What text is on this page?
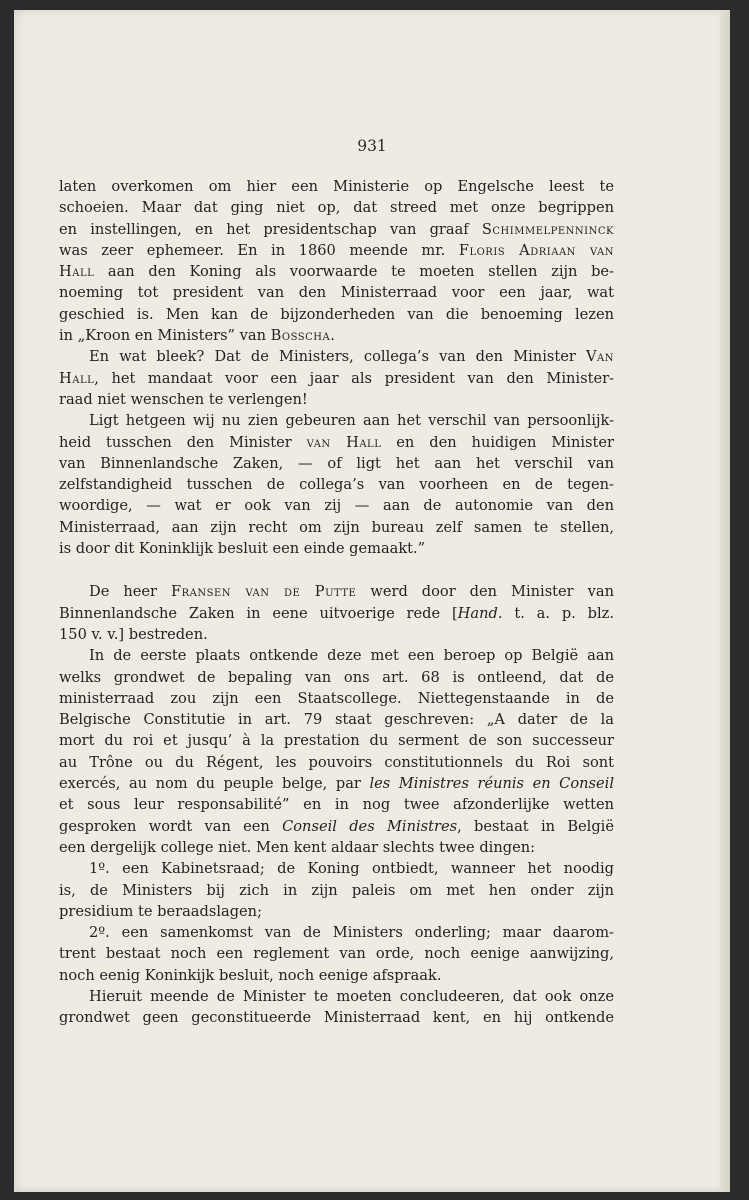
931
laten overkomen om hier een Ministerie op Engelsche leest te
schoeien. Maar dat ging niet op, dat streed met onze begrippen
en instellingen, en het presidentschap van graaf Schimmelpenninck
was zeer ephemeer. En in 1860 meende mr. Floris Adriaan van
Hall aan den Koning als voorwaarde te moeten stellen zijn be-
noeming tot president van den Ministerraad voor een jaar, wat
geschied is. Men kan de bijzonderheden van die benoeming lezen
in „Kroon en Ministers” van Bosscha.
En wat bleek? Dat de Ministers, collega’s van den Minister Van
Hall, het mandaat voor een jaar als president van den Minister-
raad niet wenschen te verlengen!
Ligt hetgeen wij nu zien gebeuren aan het verschil van persoonlijk-
heid tusschen den Minister van Hall en den huidigen Minister
van Binnenlandsche Zaken, — of ligt het aan het verschil van
zelfstandigheid tusschen de collega’s van voorheen en de tegen-
woordige, — wat er ook van zij — aan de autonomie van den
Ministerraad, aan zijn recht om zijn bureau zelf samen te stellen,
is door dit Koninklijk besluit een einde gemaakt.”
De heer Fransen van de Putte werd door den Minister van
Binnenlandsche Zaken in eene uitvoerige rede [Hand. t. a. p. blz.
150 v. v.] bestreden.
In de eerste plaats ontkende deze met een beroep op België aan
welks grondwet de bepaling van ons art. 68 is ontleend, dat de
ministerraad zou zijn een Staatscollege. Niettegenstaande in de
Belgische Constitutie in art. 79 staat geschreven: „A dater de la
mort du roi et jusqu’ à la prestation du serment de son successeur
au Trône ou du Régent, les pouvoirs constitutionnels du Roi sont
exercés, au nom du peuple belge, par les Ministres réunis en Conseil
et sous leur responsabilité” en in nog twee afzonderlijke wetten
gesproken wordt van een Conseil des Ministres, bestaat in België
een dergelijk college niet. Men kent aldaar slechts twee dingen:
1º. een Kabinetsraad; de Koning ontbiedt, wanneer het noodig
is, de Ministers bij zich in zijn paleis om met hen onder zijn
presidium te beraadslagen;
2º. een samenkomst van de Ministers onderling; maar daarom-
trent bestaat noch een reglement van orde, noch eenige aanwijzing,
noch eenig Koninkijk besluit, noch eenige afspraak.
Hieruit meende de Minister te moeten concludeeren, dat ook onze
grondwet geen geconstitueerde Ministerraad kent, en hij ontkende
